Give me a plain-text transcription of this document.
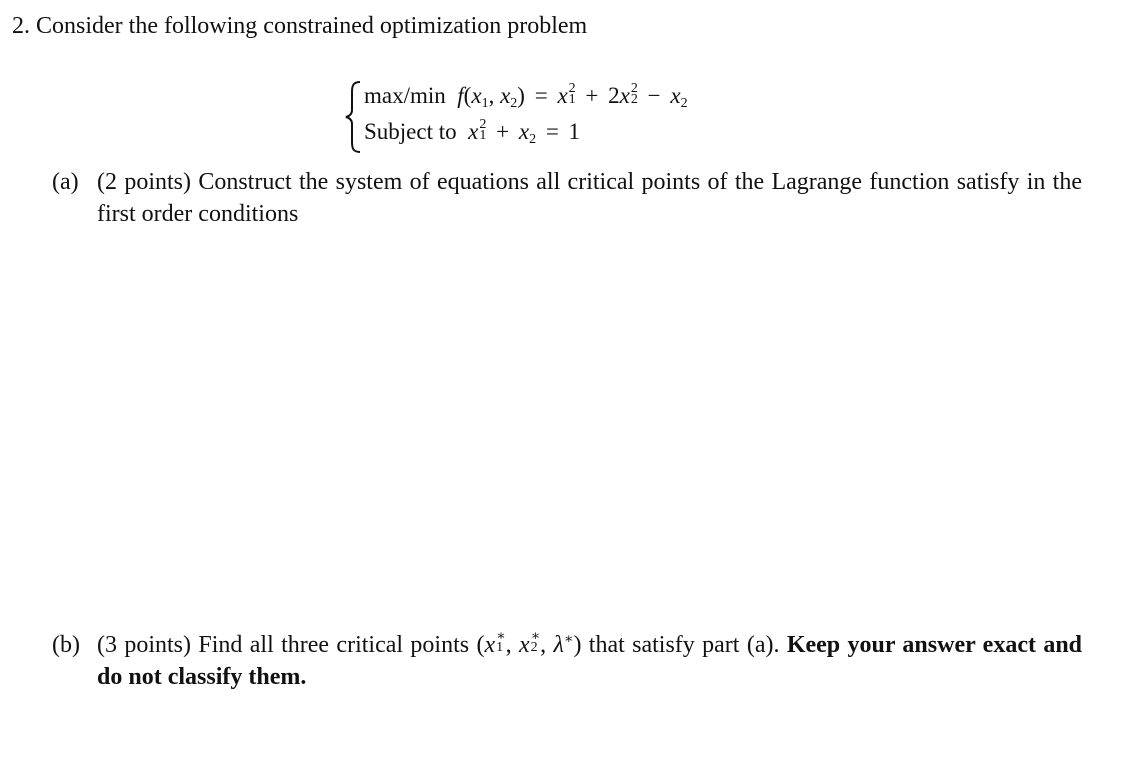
2. Consider the following constrained optimization problem
max/min $f(x_1$, $x_2) = x$ 2
1 + 2x 2
$2 - x_2$
Subject to x 2
$1 + x_2 = 1$
(a) (2 points) Construct the system of equations all critical points of the Lagrange function satisfy in the first order conditions
(b) (3 points) Find all three critical points (x ∗
1 , x ∗
2 , λ∗) that satisfy part (a). Keep your answer exact and do not classify them.
